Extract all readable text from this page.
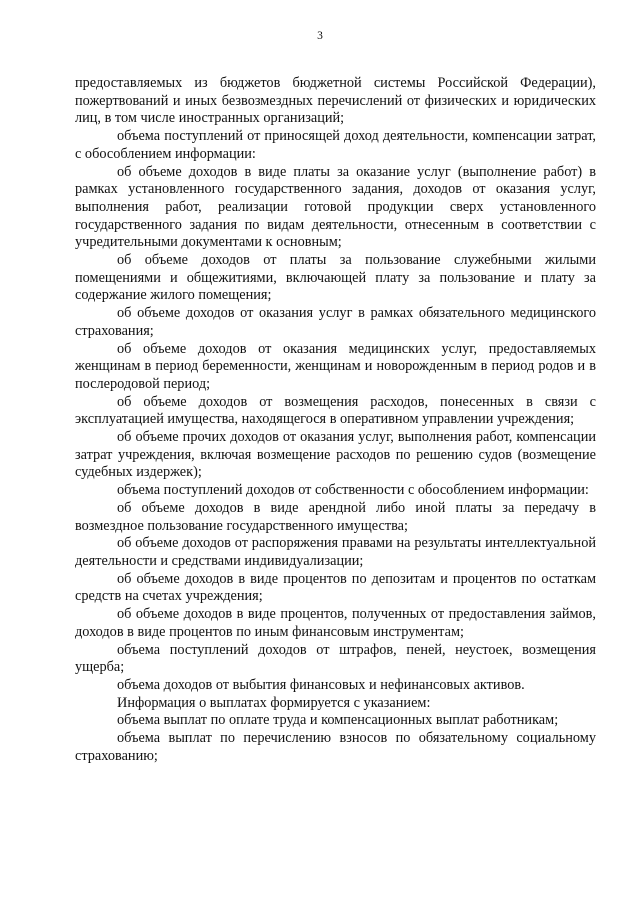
3

предоставляемых из бюджетов бюджетной системы Российской Федерации), пожертвований и иных безвозмездных перечислений от физических и юридических лиц, в том числе иностранных организаций;

объема поступлений от приносящей доход деятельности, компенсации затрат, с обособлением информации:

об объеме доходов в виде платы за оказание услуг (выполнение работ) в рамках установленного государственного задания, доходов от оказания услуг, выполнения работ, реализации готовой продукции сверх установленного государственного задания по видам деятельности, отнесенным в соответствии с учредительными документами к основным;

об объеме доходов от платы за пользование служебными жилыми помещениями и общежитиями, включающей плату за пользование и плату за содержание жилого помещения;

об объеме доходов от оказания услуг в рамках обязательного медицинского страхования;

об объеме доходов от оказания медицинских услуг, предоставляемых женщинам в период беременности, женщинам и новорожденным в период родов и в послеродовой период;

об объеме доходов от возмещения расходов, понесенных в связи с эксплуатацией имущества, находящегося в оперативном управлении учреждения;

об объеме прочих доходов от оказания услуг, выполнения работ, компенсации затрат учреждения, включая возмещение расходов по решению судов (возмещение судебных издержек);

объема поступлений доходов от собственности с обособлением информации:

об объеме доходов в виде арендной либо иной платы за передачу в возмездное пользование государственного имущества;

об объеме доходов от распоряжения правами на результаты интеллектуальной деятельности и средствами индивидуализации;

об объеме доходов в виде процентов по депозитам и процентов по остаткам средств на счетах учреждения;

об объеме доходов в виде процентов, полученных от предоставления займов, доходов в виде процентов по иным финансовым инструментам;

объема поступлений доходов от штрафов, пеней, неустоек, возмещения ущерба;

объема доходов от выбытия финансовых и нефинансовых активов.

Информация о выплатах формируется с указанием:

объема выплат по оплате труда и компенсационных выплат работникам;

объема выплат по перечислению взносов по обязательному социальному страхованию;
